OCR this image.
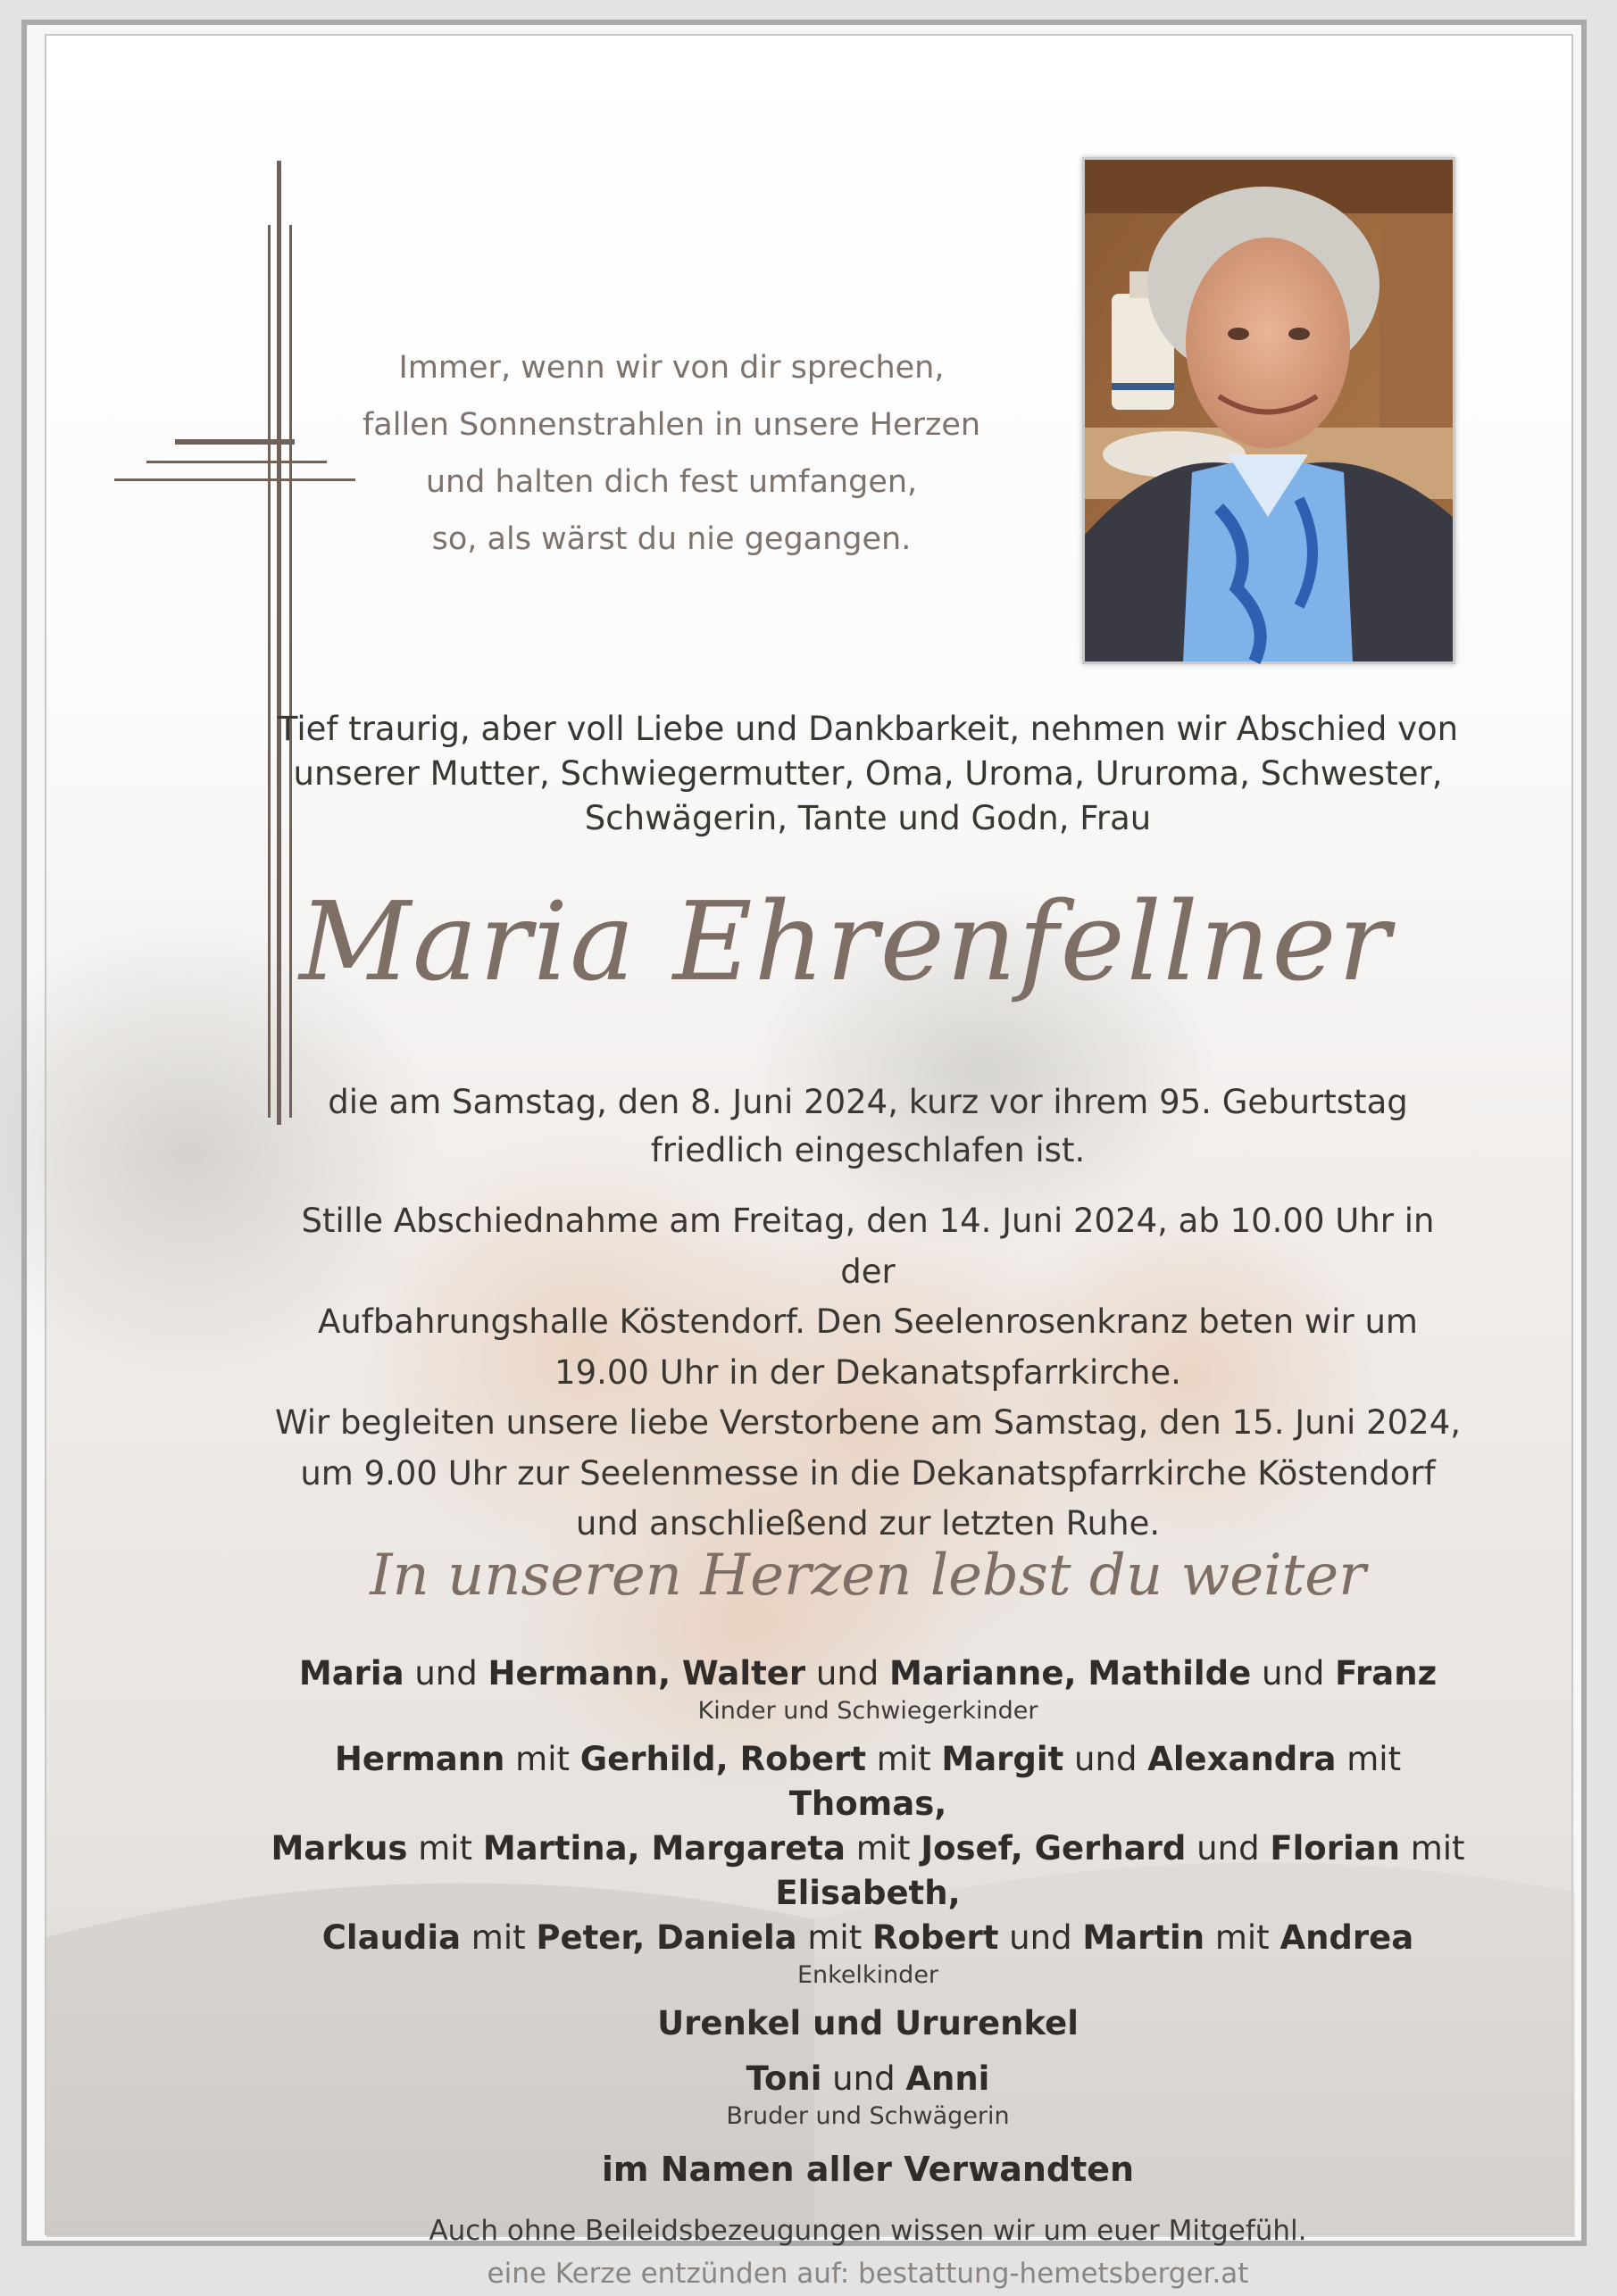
Immer, wenn wir von dir sprechen,
fallen Sonnenstrahlen in unsere Herzen
und halten dich fest umfangen,
so, als wärst du nie gegangen.
Tief traurig, aber voll Liebe und Dankbarkeit, nehmen wir Abschied von
unserer Mutter, Schwiegermutter, Oma, Uroma, Ururoma, Schwester,
Schwägerin, Tante und Godn, Frau
Maria Ehrenfellner
die am Samstag, den 8. Juni 2024, kurz vor ihrem 95. Geburtstag
friedlich eingeschlafen ist.
Stille Abschiednahme am Freitag, den 14. Juni 2024, ab 10.00 Uhr in der
Aufbahrungshalle Köstendorf. Den Seelenrosenkranz beten wir um
19.00 Uhr in der Dekanatspfarrkirche.
Wir begleiten unsere liebe Verstorbene am Samstag, den 15. Juni 2024,
um 9.00 Uhr zur Seelenmesse in die Dekanatspfarrkirche Köstendorf
und anschließend zur letzten Ruhe.
In unseren Herzen lebst du weiter
Maria und Hermann, Walter und Marianne, Mathilde und Franz
Kinder und Schwiegerkinder
Hermann mit Gerhild, Robert mit Margit und Alexandra mit Thomas,
Markus mit Martina, Margareta mit Josef, Gerhard und Florian mit Elisabeth,
Claudia mit Peter, Daniela mit Robert und Martin mit Andrea
Enkelkinder
Urenkel und Ururenkel
Toni und Anni
Bruder und Schwägerin
im Namen aller Verwandten
Auch ohne Beileidsbezeugungen wissen wir um euer Mitgefühl.
eine Kerze entzünden auf: bestattung-hemetsberger.at
